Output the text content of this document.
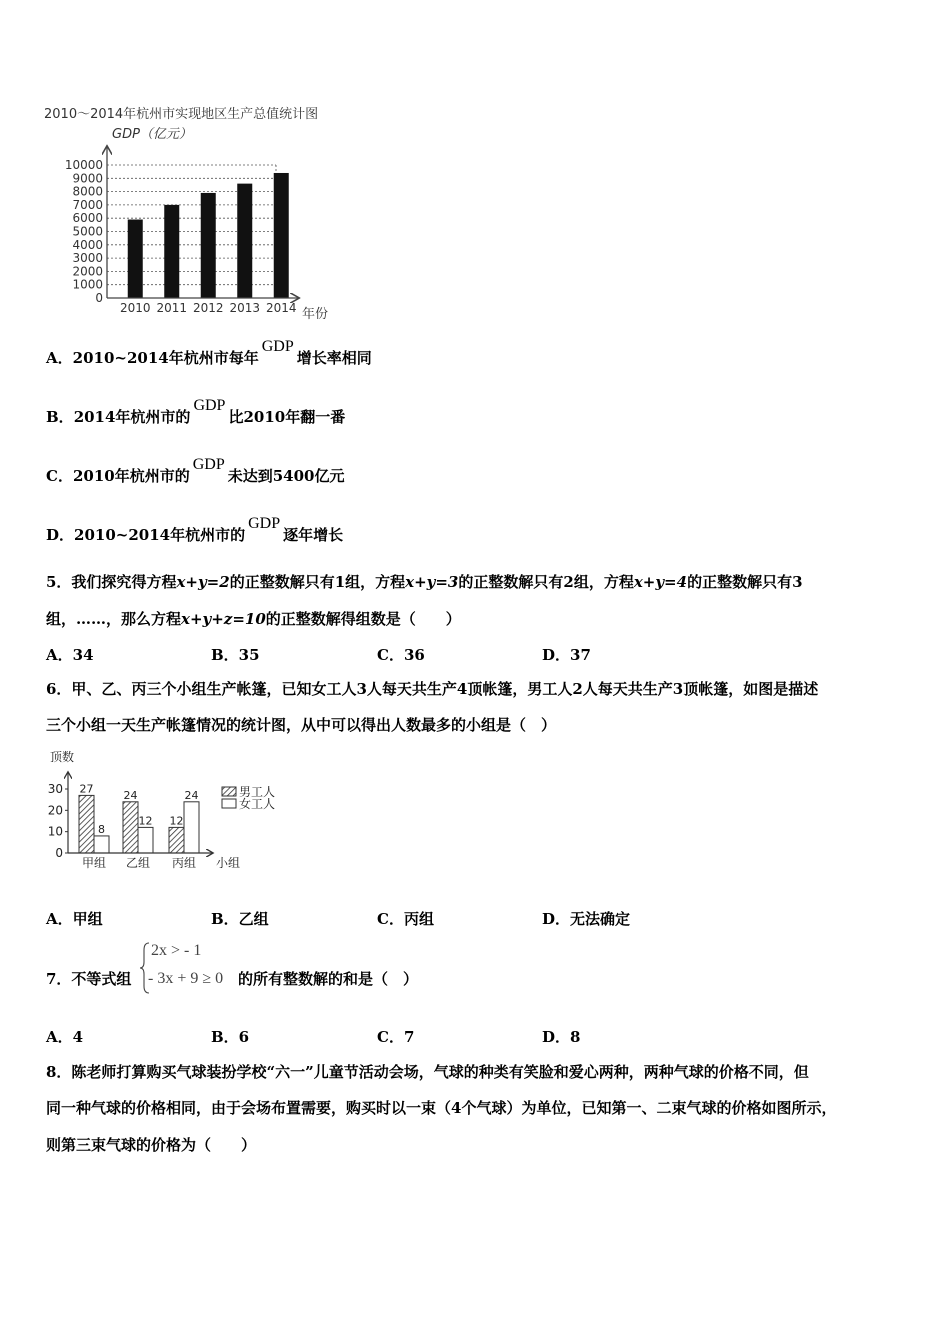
2010～2014年杭州市实现地区生产总值统计图
GDP（亿元）
0
1000
2000
3000
4000
5000
6000
7000
8000
9000
10000
2010 2011 2012 2013 2014 年份
A．2010~2014年杭州市每年GDP增长率相同
B．2014年杭州市的GDP比2010年翻一番
C．2010年杭州市的GDP未达到5400亿元
D．2010~2014年杭州市的GDP逐年增长
5．我们探究得方程x+y=2的正整数解只有1组，方程x+y=3的正整数解只有2组，方程x+y=4的正整数解只有3
组，……，那么方程x+y+z=10的正整数解得组数是（　　）
A．34	B．35	C．36	D．37
6．甲、乙、丙三个小组生产帐篷，已知女工人3人每天共生产4顶帐篷，男工人2人每天共生产3顶帐篷，如图是描述
三个小组一天生产帐篷情况的统计图，从中可以得出人数最多的小组是（　）
顶数
0
10
20
30 27
8
24
12 12
24
甲组 乙组 丙组 小组
男工人
女工人
A．甲组	B．乙组	C．丙组	D．无法确定
7．不等式组
2x > - 1
- 3x + 9 ≥ 0 的所有整数解的和是（　）
A．4	B．6	C．7	D．8
8．陈老师打算购买气球装扮学校“六一”儿童节活动会场，气球的种类有笑脸和爱心两种，两种气球的价格不同，但
同一种气球的价格相同，由于会场布置需要，购买时以一束（4个气球）为单位，已知第一、二束气球的价格如图所示，
则第三束气球的价格为（　　）
